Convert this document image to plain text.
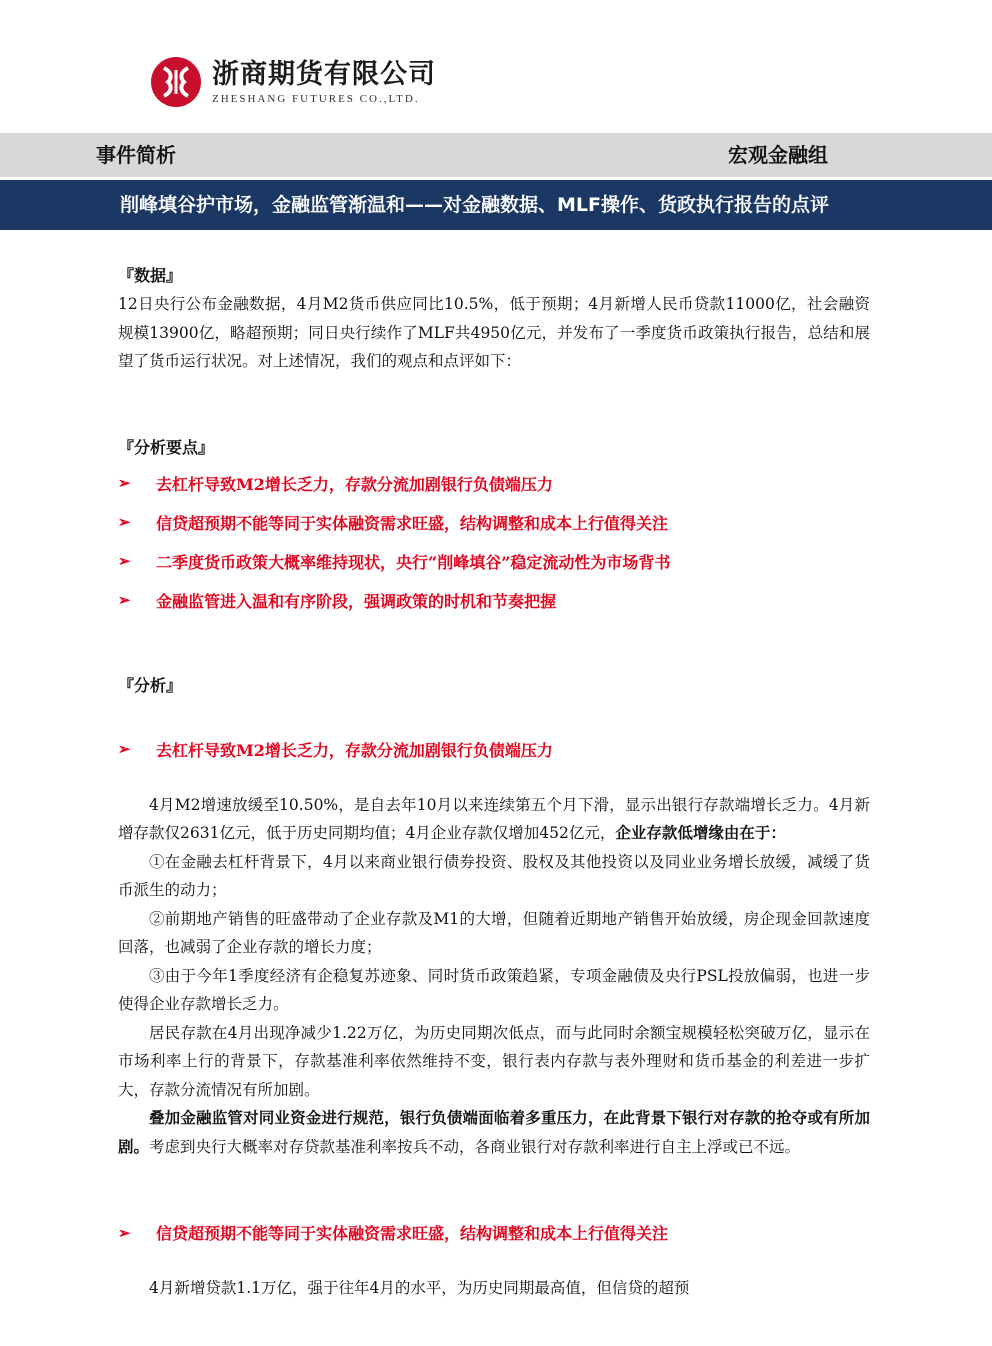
浙商期货有限公司
ZHESHANG FUTURES CO.,LTD.
事件简析	宏观金融组
削峰填谷护市场，金融监管渐温和——对金融数据、MLF操作、货政执行报告的点评
『数据』

12日央行公布金融数据，4月M2货币供应同比10.5%，低于预期；4月新增人民币贷款11000亿，社会融资规模13900亿，略超预期；同日央行续作了MLF共4950亿元，并发布了一季度货币政策执行报告，总结和展望了货币运行状况。对上述情况，我们的观点和点评如下：

『分析要点』
➢	去杠杆导致M2增长乏力，存款分流加剧银行负债端压力
➢	信贷超预期不能等同于实体融资需求旺盛，结构调整和成本上行值得关注
➢	二季度货币政策大概率维持现状，央行“削峰填谷”稳定流动性为市场背书
➢	金融监管进入温和有序阶段，强调政策的时机和节奏把握
『分析』
➢	去杠杆导致M2增长乏力，存款分流加剧银行负债端压力

4月M2增速放缓至10.50%，是自去年10月以来连续第五个月下滑，显示出银行存款端增长乏力。4月新增存款仅2631亿元，低于历史同期均值；4月企业存款仅增加452亿元，企业存款低增缘由在于：

①在金融去杠杆背景下，4月以来商业银行债券投资、股权及其他投资以及同业业务增长放缓，减缓了货币派生的动力；

②前期地产销售的旺盛带动了企业存款及M1的大增，但随着近期地产销售开始放缓，房企现金回款速度回落，也减弱了企业存款的增长力度；

③由于今年1季度经济有企稳复苏迹象、同时货币政策趋紧，专项金融债及央行PSL投放偏弱，也进一步使得企业存款增长乏力。

居民存款在4月出现净减少1.22万亿，为历史同期次低点，而与此同时余额宝规模轻松突破万亿，显示在市场利率上行的背景下，存款基准利率依然维持不变，银行表内存款与表外理财和货币基金的利差进一步扩大，存款分流情况有所加剧。

叠加金融监管对同业资金进行规范，银行负债端面临着多重压力，在此背景下银行对存款的抢夺或有所加剧。考虑到央行大概率对存贷款基准利率按兵不动，各商业银行对存款利率进行自主上浮或已不远。

➢	信贷超预期不能等同于实体融资需求旺盛，结构调整和成本上行值得关注

4月新增贷款1.1万亿，强于往年4月的水平，为历史同期最高值，但信贷的超预
